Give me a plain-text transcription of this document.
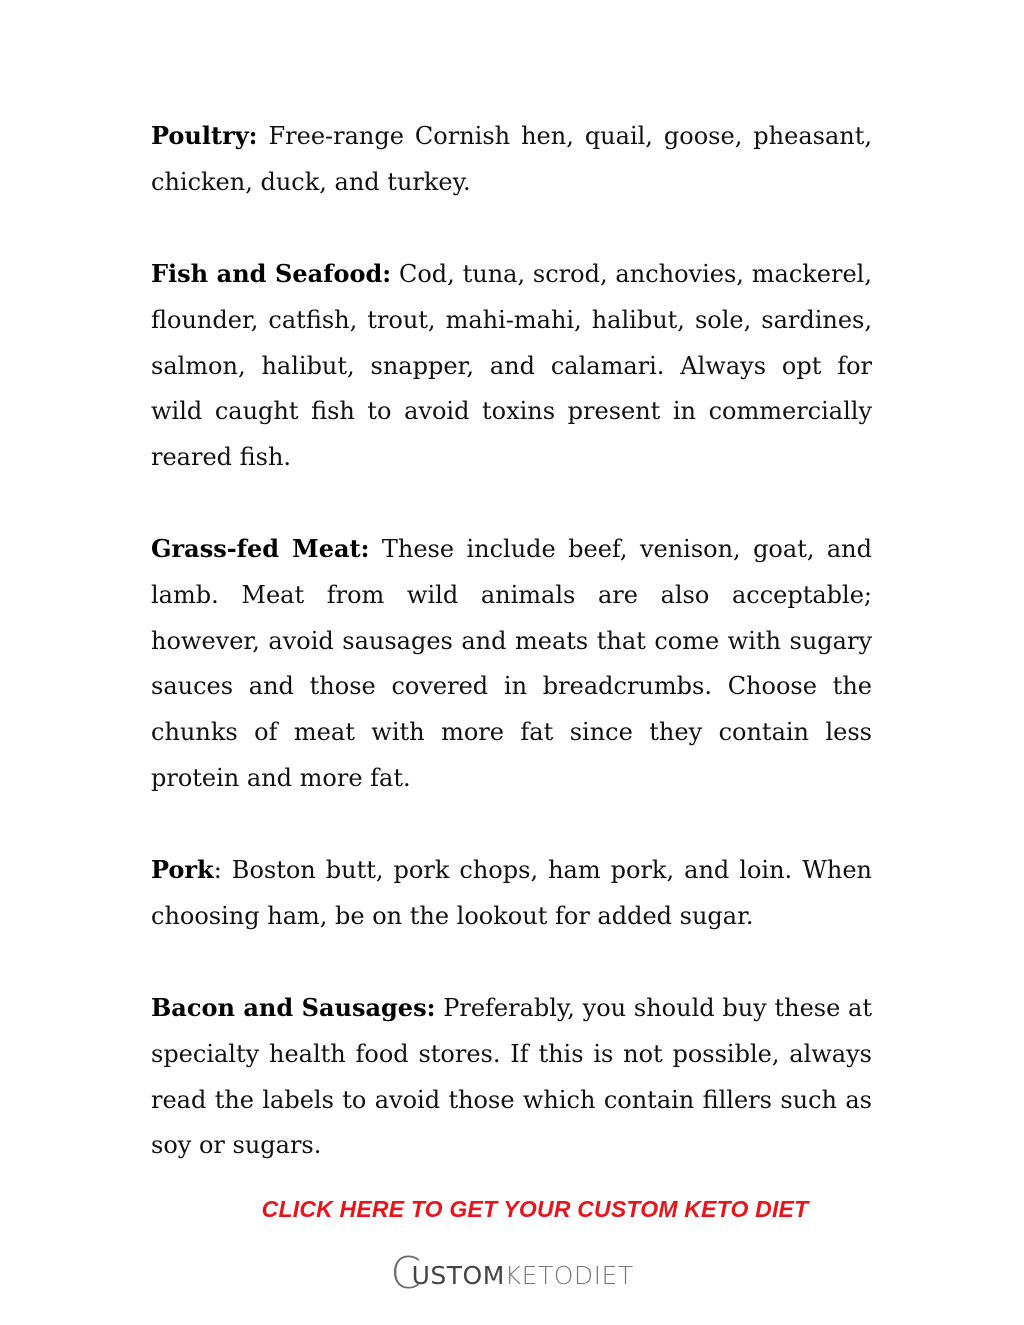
Poultry: Free-range Cornish hen, quail, goose, pheasant, chicken, duck, and turkey.

Fish and Seafood: Cod, tuna, scrod, anchovies, mackerel, flounder, catfish, trout, mahi-mahi, halibut, sole, sardines, salmon, halibut, snapper, and calamari. Always opt for wild caught fish to avoid toxins present in commercially reared fish.

Grass-fed Meat: These include beef, venison, goat, and lamb. Meat from wild animals are also acceptable; however, avoid sausages and meats that come with sugary sauces and those covered in breadcrumbs. Choose the chunks of meat with more fat since they contain less protein and more fat.

Pork: Boston butt, pork chops, ham pork, and loin. When choosing ham, be on the lookout for added sugar.

Bacon and Sausages: Preferably, you should buy these at specialty health food stores. If this is not possible, always read the labels to avoid those which contain fillers such as soy or sugars.

CLICK HERE TO GET YOUR CUSTOM KETO DIET
C
USTOM KETODIET
